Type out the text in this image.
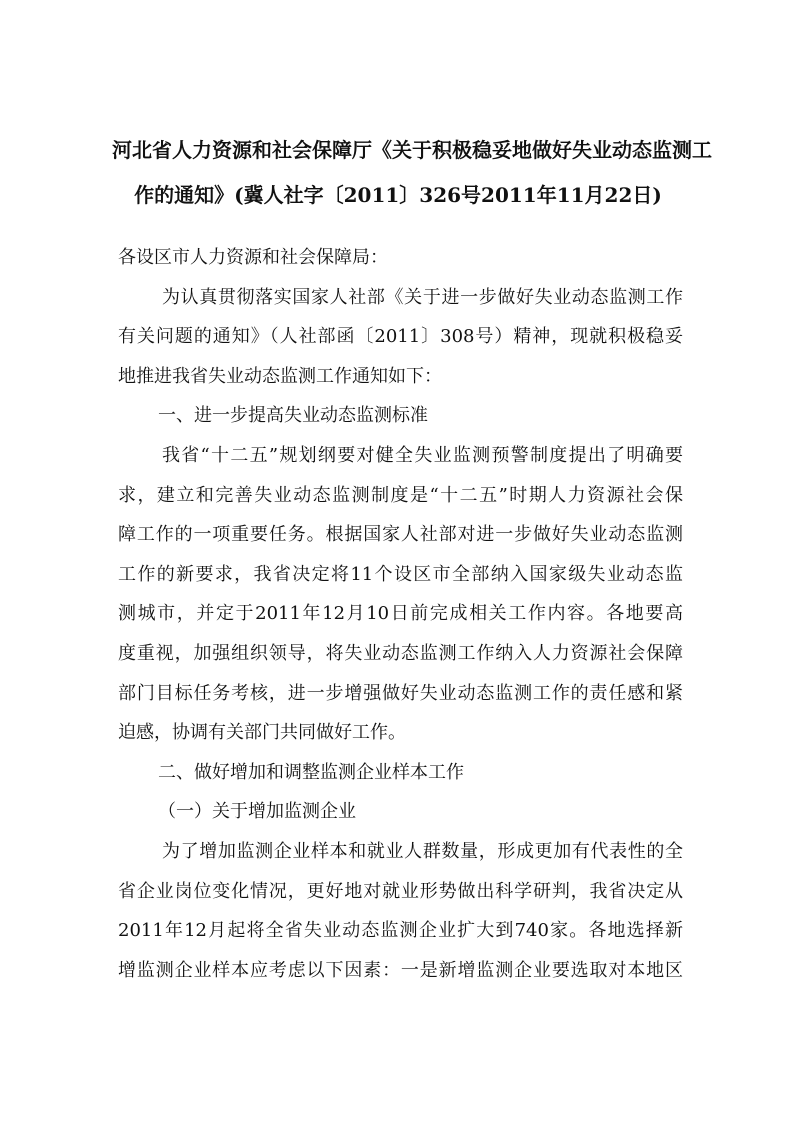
河北省人力资源和社会保障厅《关于积极稳妥地做好失业动态监测工
作的通知》(冀人社字〔2011〕326号2011年11月22日)
各设区市人力资源和社会保障局：
为认真贯彻落实国家人社部《关于进一步做好失业动态监测工作
有关问题的通知》（人社部函〔2011〕308号）精神，现就积极稳妥
地推进我省失业动态监测工作通知如下：
一、进一步提高失业动态监测标准
我省“十二五”规划纲要对健全失业监测预警制度提出了明确要
求，建立和完善失业动态监测制度是“十二五”时期人力资源社会保
障工作的一项重要任务。根据国家人社部对进一步做好失业动态监测
工作的新要求，我省决定将11个设区市全部纳入国家级失业动态监
测城市，并定于2011年12月10日前完成相关工作内容。各地要高
度重视，加强组织领导，将失业动态监测工作纳入人力资源社会保障
部门目标任务考核，进一步增强做好失业动态监测工作的责任感和紧
迫感，协调有关部门共同做好工作。
二、做好增加和调整监测企业样本工作
（一）关于增加监测企业
为了增加监测企业样本和就业人群数量，形成更加有代表性的全
省企业岗位变化情况，更好地对就业形势做出科学研判，我省决定从
2011年12月起将全省失业动态监测企业扩大到740家。各地选择新
增监测企业样本应考虑以下因素：一是新增监测企业要选取对本地区
